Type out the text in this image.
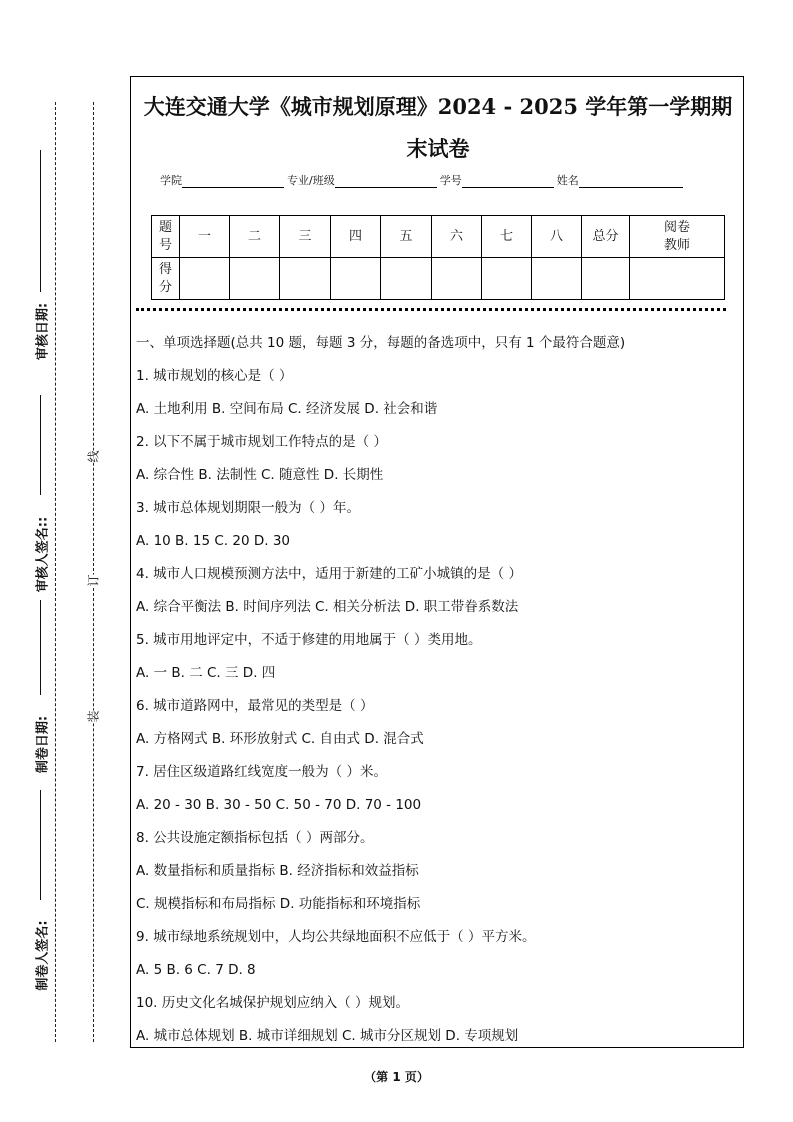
审核日期:
审核人签名::
制卷日期:
制卷人签名:
线
订
装
大连交通大学《城市规划原理》2024 - 2025 学年第一学期期末试卷
学院	专业/班级	学号	姓名
题号	一	二	三	四	五	六	七	八	总分	阅卷教师
得分										
一、单项选择题(总共 10 题，每题 3 分，每题的备选项中，只有 1 个最符合题意)
1. 城市规划的核心是（ ）
A. 土地利用 B. 空间布局 C. 经济发展 D. 社会和谐
2. 以下不属于城市规划工作特点的是（ ）
A. 综合性 B. 法制性 C. 随意性 D. 长期性
3. 城市总体规划期限一般为（ ）年。
A. 10 B. 15 C. 20 D. 30
4. 城市人口规模预测方法中，适用于新建的工矿小城镇的是（ ）
A. 综合平衡法 B. 时间序列法 C. 相关分析法 D. 职工带眷系数法
5. 城市用地评定中，不适于修建的用地属于（ ）类用地。
A. 一 B. 二 C. 三 D. 四
6. 城市道路网中，最常见的类型是（ ）
A. 方格网式 B. 环形放射式 C. 自由式 D. 混合式
7. 居住区级道路红线宽度一般为（ ）米。
A. 20 - 30 B. 30 - 50 C. 50 - 70 D. 70 - 100
8. 公共设施定额指标包括（ ）两部分。
A. 数量指标和质量指标 B. 经济指标和效益指标
C. 规模指标和布局指标 D. 功能指标和环境指标
9. 城市绿地系统规划中，人均公共绿地面积不应低于（ ）平方米。
A. 5 B. 6 C. 7 D. 8
10. 历史文化名城保护规划应纳入（ ）规划。
A. 城市总体规划 B. 城市详细规划 C. 城市分区规划 D. 专项规划
（第 1 页）
